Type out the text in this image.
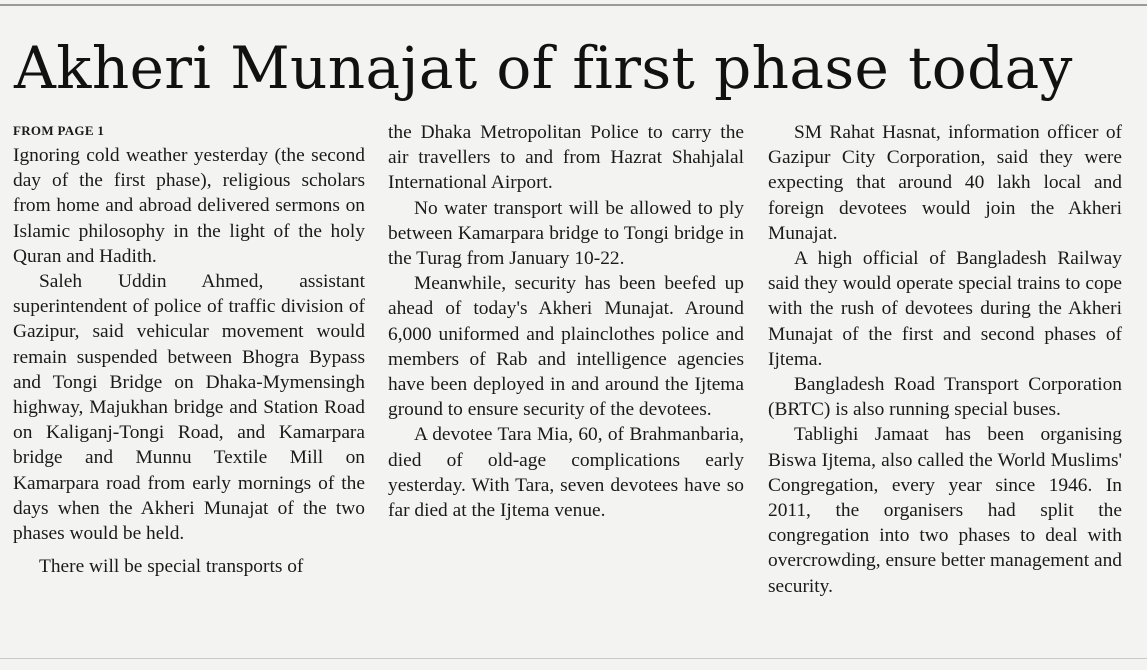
Akheri Munajat of first phase today
FROM PAGE 1

Ignoring cold weather yesterday (the second day of the first phase), religious scholars from home and abroad delivered sermons on Islamic philosophy in the light of the holy Quran and Hadith.

Saleh Uddin Ahmed, assistant superintendent of police of traffic division of Gazipur, said vehicular movement would remain suspended between Bhogra Bypass and Tongi Bridge on Dhaka-Mymensingh highway, Majukhan bridge and Station Road on Kaliganj-Tongi Road, and Kamarpara bridge and Munnu Textile Mill on Kamarpara road from early mornings of the days when the Akheri Munajat of the two phases would be held.

There will be special transports of

the Dhaka Metropolitan Police to carry the air travellers to and from Hazrat Shahjalal International Airport.

No water transport will be allowed to ply between Kamarpara bridge to Tongi bridge in the Turag from January 10-22.

Meanwhile, security has been beefed up ahead of today's Akheri Munajat. Around 6,000 uniformed and plainclothes police and members of Rab and intelligence agencies have been deployed in and around the Ijtema ground to ensure security of the devotees.

A devotee Tara Mia, 60, of Brahmanbaria, died of old-age complications early yesterday. With Tara, seven devotees have so far died at the Ijtema venue.

SM Rahat Hasnat, information officer of Gazipur City Corporation, said they were expecting that around 40 lakh local and foreign devotees would join the Akheri Munajat.

A high official of Bangladesh Railway said they would operate special trains to cope with the rush of devotees during the Akheri Munajat of the first and second phases of Ijtema.

Bangladesh Road Transport Corporation (BRTC) is also running special buses.

Tablighi Jamaat has been organising Biswa Ijtema, also called the World Muslims' Congregation, every year since 1946. In 2011, the organisers had split the congregation into two phases to deal with overcrowding, ensure better management and security.
